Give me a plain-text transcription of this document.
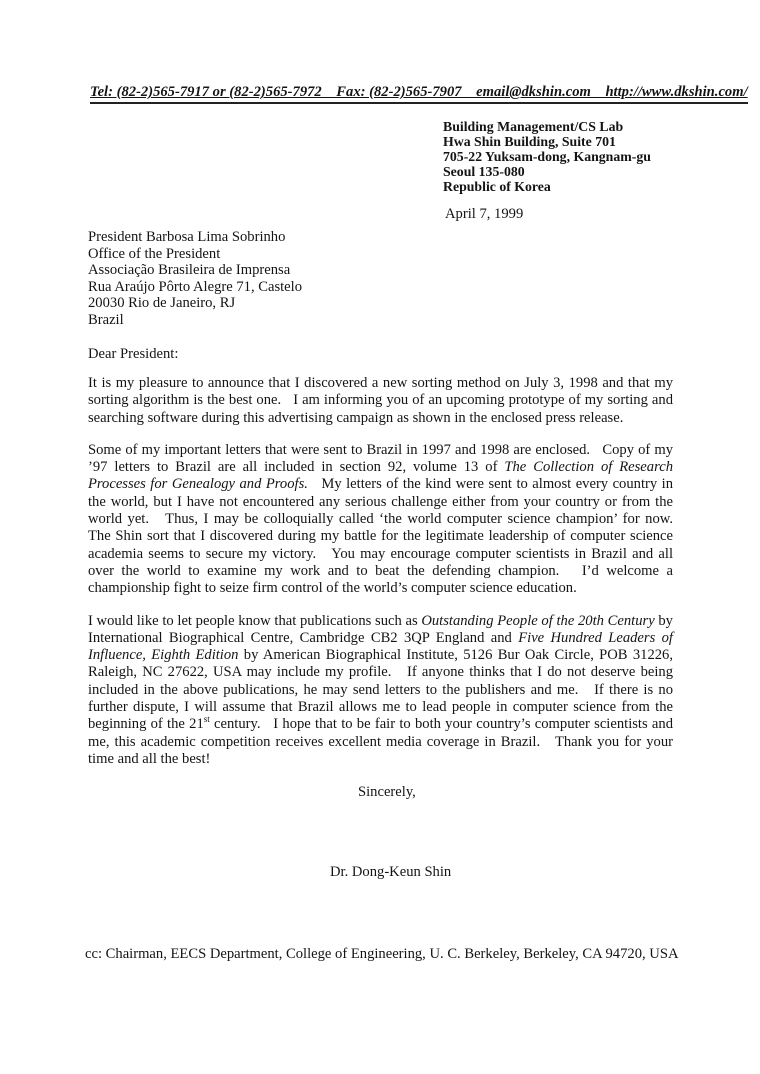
Tel: (82-2)565-7917 or (82-2)565-7972    Fax: (82-2)565-7907    email@dkshin.com    http://www.dkshin.com/
Building Management/CS Lab
Hwa Shin Building, Suite 701
705-22 Yuksam-dong, Kangnam-gu
Seoul 135-080
Republic of Korea
April 7, 1999
President Barbosa Lima Sobrinho
Office of the President
Associação Brasileira de Imprensa
Rua Araújo Pôrto Alegre 71, Castelo
20030 Rio de Janeiro, RJ
Brazil
Dear President:

It is my pleasure to announce that I discovered a new sorting method on July 3, 1998 and that my sorting algorithm is the best one.   I am informing you of an upcoming prototype of my sorting and searching software during this advertising campaign as shown in the enclosed press release.

Some of my important letters that were sent to Brazil in 1997 and 1998 are enclosed.   Copy of my ’97 letters to Brazil are all included in section 92, volume 13 of The Collection of Research Processes for Genealogy and Proofs.   My letters of the kind were sent to almost every country in the world, but I have not encountered any serious challenge either from your country or from the world yet.   Thus, I may be colloquially called ‘the world computer science champion’ for now.   The Shin sort that I discovered during my battle for the legitimate leadership of computer science academia seems to secure my victory.   You may encourage computer scientists in Brazil and all over the world to examine my work and to beat the defending champion.   I’d welcome a championship fight to seize firm control of the world’s computer science education.

I would like to let people know that publications such as Outstanding People of the 20th Century by International Biographical Centre, Cambridge CB2 3QP England and Five Hundred Leaders of Influence, Eighth Edition by American Biographical Institute, 5126 Bur Oak Circle, POB 31226, Raleigh, NC 27622, USA may include my profile.   If anyone thinks that I do not deserve being included in the above publications, he may send letters to the publishers and me.   If there is no further dispute, I will assume that Brazil allows me to lead people in computer science from the beginning of the 21st century.   I hope that to be fair to both your country’s computer scientists and me, this academic competition receives excellent media coverage in Brazil.   Thank you for your time and all the best!

Sincerely,
Dr. Dong-Keun Shin
cc: Chairman, EECS Department, College of Engineering, U. C. Berkeley, Berkeley, CA 94720, USA
